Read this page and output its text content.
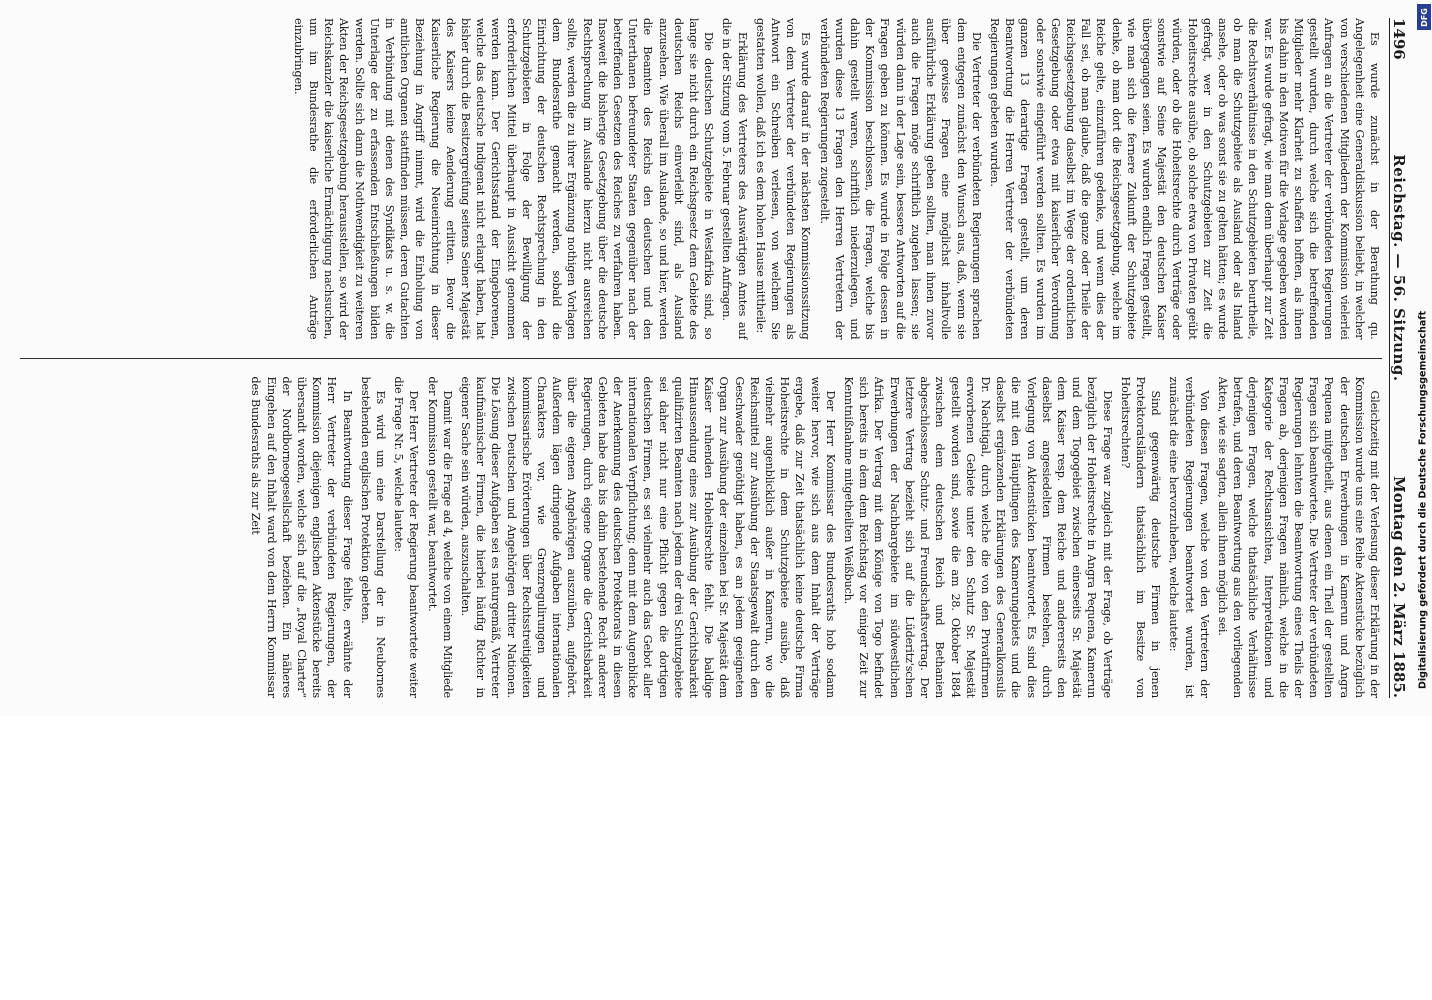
1496
Reichstag. — 56. Sitzung.
Montag den 2. März 1885.

Es wurde zunächst in der Berathung qu. Angelegenheit eine Generaldiskussion beliebt, in welcher von verschiedenen Mitgliedern der Kommission vielerlei Anfragen an die Vertreter der verbündeten Regierungen gestellt wurden, durch welche sich die betreffenden Mitglieder mehr Klarheit zu schaffen hofften, als ihnen bis dahin in den Motiven für die Vorlage gegeben worden war. Es wurde gefragt, wie man denn überhaupt zur Zeit die Rechtsverhältnisse in den Schutzgebieten beurtheile, ob man die Schutzgebiete als Ausland oder als Inland ansehe, oder ob was sonst sie zu gelten hätten; es wurde gefragt, wer in den Schutzgebieten zur Zeit die Hoheitsrechte ausübe, ob solche etwa von Privaten geübt würden, oder ob die Hoheitsrechte durch Verträge oder sonstwie auf Seine Majestät den deutschen Kaiser übergegangen seien. Es wurden endlich Fragen gestellt, wie man sich die fernere Zukunft der Schutzgebiete denke, ob man dort die Reichsgesetzgebung, welche im Reiche gelte, einzuführen gedenke, und wenn dies der Fall sei, ob man glaube, daß die ganze oder Theile der Reichsgesetzgebung daselbst im Wege der ordentlichen Gesetzgebung oder etwa mit kaiserlicher Verordnung oder sonstwie eingeführt werden sollten. Es wurden im ganzen 13 derartige Fragen gestellt, um deren Beantwortung die Herren Vertreter der verbündeten Regierungen gebeten wurden.

Die Vertreter der verbündeten Regierungen sprachen dem entgegen zunächst den Wunsch aus, daß, wenn sie über gewisse Fragen eine möglichst inhaltvolle ausführliche Erklärung geben sollten, man ihnen zuvor auch die Fragen möge schriftlich zugehen lassen; sie würden dann in der Lage sein, bessere Antworten auf die Fragen geben zu können. Es wurde in Folge dessen in der Kommission beschlossen, die Fragen, welche bis dahin gestellt waren, schriftlich niederzulegen, und wurden diese 13 Fragen den Herren Vertretern der verbündeten Regierungen zugestellt.

Es wurde darauf in der nächsten Kommissionssitzung von dem Vertreter der verbündeten Regierungen als Antwort ein Schreiben verlesen, von welchem Sie gestatten wollen, daß ich es dem hohen Hause mittheile:

Erklärung des Vertreters des Auswärtigen Amtes auf die in der Sitzung vom 5. Februar gestellten Anfragen.

Die deutschen Schutzgebiete in Westafrika sind, so lange sie nicht durch ein Reichsgesetz dem Gebiete des deutschen Reichs einverleibt sind, als Ausland anzusehen. Wie überall im Auslande, so und hier, werden die Beamten des Reichs den deutschen und den Unterthanen befreundeter Staaten gegenüber nach der betreffenden Gesetzen des Reiches zu verfahren haben. Insoweit die bisherige Gesetzgebung über die deutsche Rechtsprechung im Auslande hierzu nicht ausreichen sollte, werden die zu ihrer Ergänzung nothigen Vorlagen dem Bundesrathe gemacht werden, sobald die Einrichtung der deutschen Rechtsprechung in den Schutzgebieten in Folge der Bewilligung der erforderlichen Mittel überhaupt in Aussicht genommen werden kann. Der Gerichtsstand der Eingeborenen, welche das deutsche Indigenat nicht erlangt haben, hat bisher durch die Besitzergreifung seitens Seiner Majestät des Kaisers keine Aenderung erlitten. Bevor die Kaiserliche Regierung die Neueinrichtung in dieser Beziehung in Angriff nimmt, wird die Einholung von amtlichen Organen stattfinden müssen, deren Gutachten in Verbindung mit denen des Syndikats u. s. w. die Unterlage der zu erfassenden Entschließungen bilden werden. Sollte sich dann die Nothwendigkeit zu weiteren Akten der Reichsgesetzgebung herausstellen, so wird der Reichskanzler die kaiserliche Ermächtigung nachsuchen, um im Bundesrathe die erforderlichen Anträge einzubringen.

Gleichzeitig mit der Verlesung dieser Erklärung in der Kommission wurde uns eine Reihe Aktenstücke bezüglich der deutschen Erwerbungen in Kamerun und Angra Pequena mitgetheilt, aus denen ein Theil der gestellten Fragen sich beantwortete. Die Vertreter der verbündeten Regierungen lehnten die Beantwortung eines Theils der Fragen ab, derjenigen Fragen nämlich, welche in die Kategorie der Rechtsansichten, Interpretationen und derjenigen Fragen, welche thatsächliche Verhältnisse betrafen, und deren Beantwortung aus den vorliegenden Akten, wie sie sagten, allein ihnen möglich sei.

Von diesen Fragen, welche von den Vertretern der verbündeten Regierungen beantwortet wurden, ist zunächst die eine hervorzuheben, welche lautete:

Sind gegenwärtig deutsche Firmen in jenen Protektoratsländern thatsächlich im Besitze von Hoheitsrechten?

Diese Frage war zugleich mit der Frage, ob Verträge bezüglich der Hoheitsrechte in Angra Pequena, Kamerun und dem Togogebiet zwischen einerseits Sr. Majestät dem Kaiser resp. dem Reiche und andererseits den daselbst angesiedelten Firmen bestehen, durch Vorlegung von Aktenstücken beantwortet. Es sind dies die mit den Häuptlingen des Kamerungebiets und die daselbst ergänzenden Erklärungen des Generalkonsuls Dr. Nachtigal, durch welche die von den Privatfirmen erworbenen Gebiete unter den Schutz Sr. Majestät gestellt worden sind, sowie die am 28. Oktober 1884 zwischen dem deutschen Reich und Bethanien abgeschlossene Schutz- und Freundschaftsvertrag. Der letztere Vertrag bezieht sich auf die Lüderitz'schen Erwerbungen der Nachbargebiete im südwestlichen Afrika. Der Vertrag mit dem Könige von Togo befindet sich bereits in dem dem Reichstag vor einiger Zeit zur Kenntnißnahme mitgetheilten Weißbuch.

Der Herr Kommissar des Bundesraths hob sodann weiter hervor, wie sich aus dem Inhalt der Verträge ergebe, daß zur Zeit thatsächlich keine deutsche Firma Hoheitsrechte in dem Schutzgebiete ausübe, daß vielmehr augenblicklich außer in Kamerun, wo die Reichsmittel zur Ausübung der Staatsgewalt durch den Geschwader genöthigt haben, es an jedem geeigneten Organ zur Ausübung der einzelnen bei Sr. Majestät dem Kaiser ruhenden Hoheitsrechte fehlt. Die baldige Hinaussendung eines zur Ausübung der Gerichtsbarkeit qualifizirten Beamten nach jedem der drei Schutzgebiete sei daher nicht nur eine Pflicht gegen die dortigen deutschen Firmen, es sei vielmehr auch das Gebot aller internationalen Verpflichtung; denn mit dem Augenblicke der Anerkennung des deutschen Protektorats in diesen Gebieten habe das bis dahin bestehende Recht anderer Regierungen, durch eigene Organe die Gerichtsbarkeit über die eigenen Angehörigen auszuüben, aufgehört. Außerdem lägen dringende Aufgaben internationalen Charakters vor, wie Grenzregulirungen und kommissarische Erörterungen über Rechtsstreitigkeiten zwischen Deutschen und Angehörigen dritter Nationen. Die Lösung dieser Aufgaben sei es naturgemäß, Vertreter kaufmännischer Firmen, die hierbei häufig Richter in eigener Sache sein würden, auszuschalten.

Damit war die Frage ad 4, welche von einem Mitgliede der Kommission gestellt war, beantwortet.

Der Herr Vertreter der Regierung beantwortete weiter die Frage Nr. 5, welche lautete:

Es wird um eine Darstellung der in Neubornes bestehenden englischen Protektion gebeten.

In Beantwortung dieser Frage fehlte, erwähnte der Herr Vertreter der verbündeten Regierungen, der Kommission diejenigen englischen Aktenstücke bereits übersandt worden, welche sich auf die „Royal Charter“ der Nordborneogesellschaft beziehen. Ein näheres Eingehen auf den Inhalt ward von dem Herrn Kommissar des Bundesraths als zur Zeit

DFG
Digitalisierung gefördert durch die Deutsche Forschungsgemeinschaft
